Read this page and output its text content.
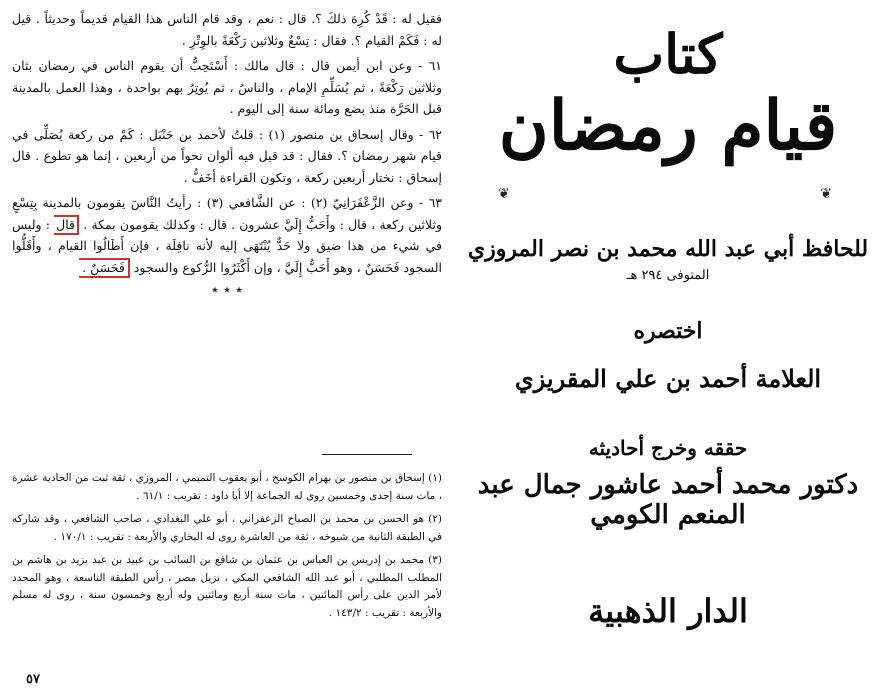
فقيل له : قَدْ كُرِهَ ذلكَ ؟. قال : نعم ، وقد قام الناس هذا القيام قديماً وحديثاً . قيل له : فَكَمْ القيام ؟. فقال : تِسْعٌ وثلاثين رَكْعَةً بالوِتْرِ .

٦١ - وعن ابن أيمن قال : قال مالك : أَسْتَحِبُّ أن يقوم الناس في رمضان بثان وثلاثين رَكْعَةً ، ثم يُسَلِّمِ الإمام ، والناسُ ، ثم يُوتِرُ بهم بواحدة ، وهذا العمل بالمدينة قبل الحَرَّة منذ بضع ومائة سنة إلى اليوم .

٦٢ - وقال إسحاق بن منصور (١) : قلتُ لأحمد بن حَنْبَل : كَمْ من ركعة يُصَلِّى في قيام شهر رمضان ؟. فقال : قد قيل فيه ألوان نحواً من أربعين ، إنما هو تطوع . قال إسحاق : نختار أربعين ركعة ، وتكون القراءة أخَفُّ .

٦٣ - وعن الزَّعْفَرَانِيّ (٢) : عن الشَّافعي (٣) : رأيتُ النَّاسَ يقومون بالمدينة بِتِسْعٍ وثلاثين ركعة ، قال : وأَحَبُّ إِلَيَّ عشرون . قال : وكذلك يقومون بمكة . قال : وليس في شيء من هذا ضيق ولا حَدٌّ يُنْتَهَى إليه لأنه نافِلَة ، فإن أَطَالُوا القيام ، وأَقَلُّوا السجود فَحَسَنٌ ، وهو أَحَبُّ إِلَيَّ ، وإن أَكْثَرُوا الرُّكوع والسجود فَحَسَنٌ .

٭ ٭ ٭

(١) إسحاق بن منصور بن بهرام الكوسج ، أبو يعقوب التميمي ، المروزي ، ثقة ثبت من الحادية عشرة ، مات سنة إحدى وخمسين روى له الجماعة إلا أبا داود : تقريب : ٦١/١ .

(٢) هو الحسن بن محمد بن الصباح الزعفراني ، أبو علي البغدادي ، صاحب الشافعي ، وقد شاركه في الطبقة الثانية من شيوخه ، ثقة من العاشرة روى له البخاري والأربعة : تقريب : ١٧٠/١ .

(٣) محمد بن إدريس بن العباس بن عثمان بن شافع بن السائب بن عبيد بن عبد يزيد بن هاشم بن المطلب المطلبي ، أبو عبد الله الشافعي المكي ، نزيل مصر ، رأس الطبقة التاسعة ، وهو المجدد لأمر الدين على رأس المائتين ، مات سنة أربع ومائتين وله أربع وخمسون سنة ، روى له مسلم والأربعة : تقريب : ١٤٣/٢ .

٥٧
كتاب
❦
قيام رمضان
❦
للحافظ أبي عبد الله محمد بن نصر المروزي
المتوفى ٢٩٤ هـ
اختصره
العلامة أحمد بن علي المقريزي
حققه وخرج أحاديثه
دكتور محمد أحمد عاشور جمال عبد المنعم الكومي
الدار الذهبية
